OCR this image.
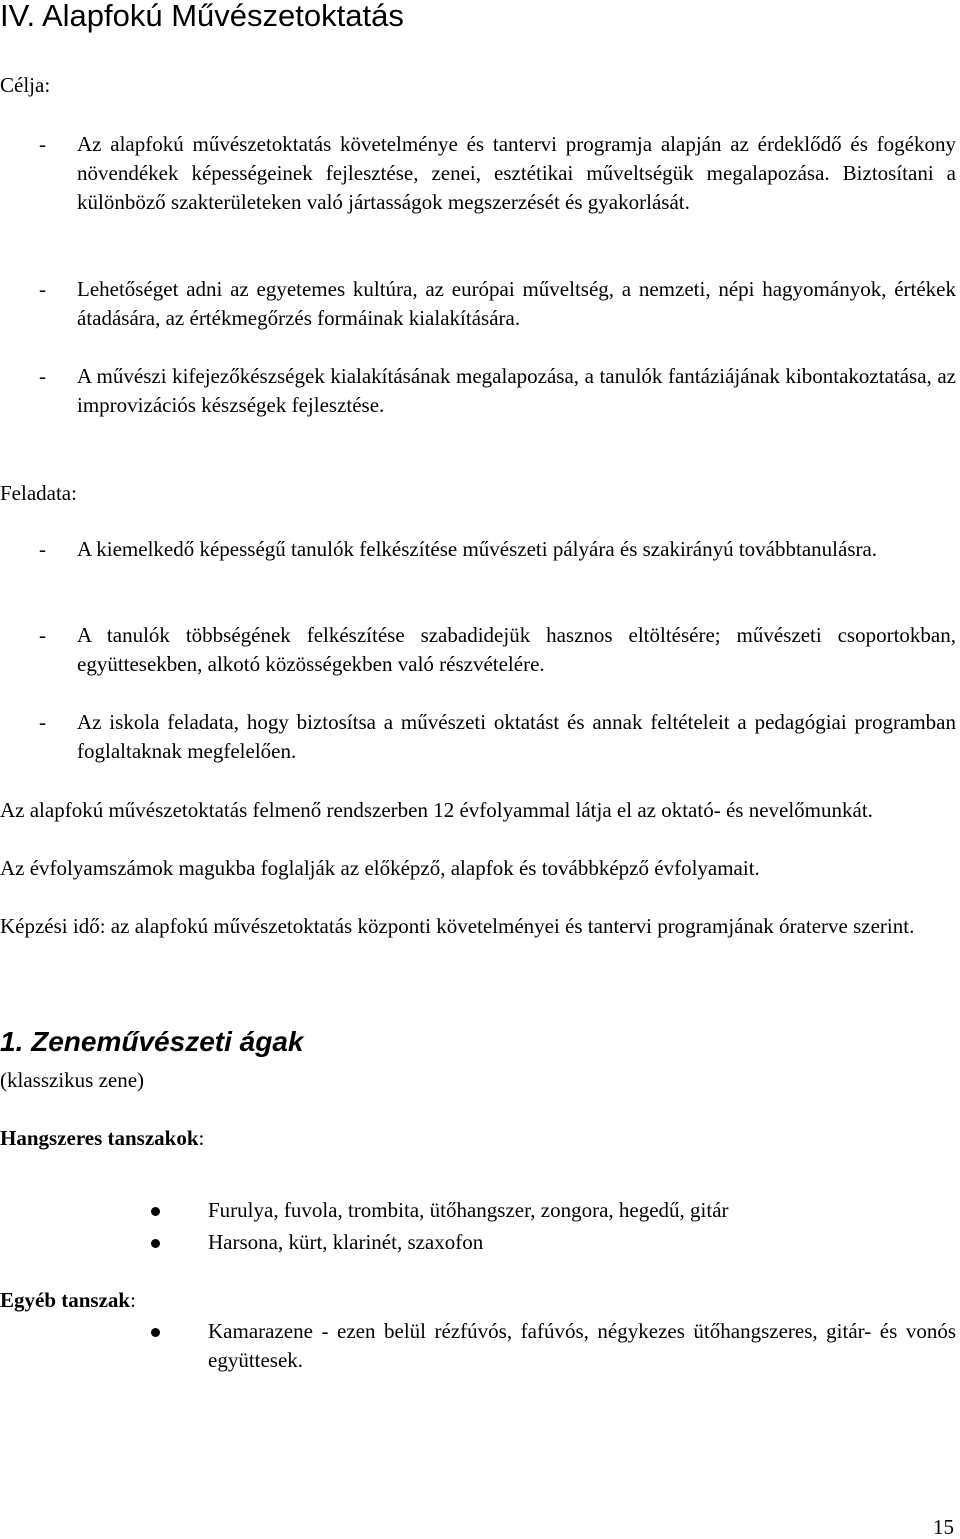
IV. Alapfokú Művészetoktatás
Célja:
- Az alapfokú művészetoktatás követelménye és tantervi programja alapján az érdeklődő és fogékony növendékek képességeinek fejlesztése, zenei, esztétikai műveltségük megalapozása. Biztosítani a különböző szakterületeken való jártasságok megszerzését és gyakorlását.

- Lehetőséget adni az egyetemes kultúra, az európai műveltség, a nemzeti, népi hagyományok, értékek átadására, az értékmegőrzés formáinak kialakítására.

- A művészi kifejezőkészségek kialakításának megalapozása, a tanulók fantáziájának kibontakoztatása, az improvizációs készségek fejlesztése.

Feladata:
- A kiemelkedő képességű tanulók felkészítése művészeti pályára és szakirányú továbbtanulásra.

- A tanulók többségének felkészítése szabadidejük hasznos eltöltésére; művészeti csoportokban, együttesekben, alkotó közösségekben való részvételére.

- Az iskola feladata, hogy biztosítsa a művészeti oktatást és annak feltételeit a pedagógiai programban foglaltaknak megfelelően.

Az alapfokú művészetoktatás felmenő rendszerben 12 évfolyammal látja el az oktató- és nevelőmunkát.

Az évfolyamszámok magukba foglalják az előképző, alapfok és továbbképző évfolyamait.

Képzési idő: az alapfokú művészetoktatás központi követelményei és tantervi programjának óraterve szerint.

1. Zeneművészeti ágak
(klasszikus zene)
Hangszeres tanszakok:

Furulya, fuvola, trombita, ütőhangszer, zongora, hegedű, gitár

Harsona, kürt, klarinét, szaxofon

Egyéb tanszak:

Kamarazene - ezen belül rézfúvós, fafúvós, négykezes ütőhangszeres, gitár- és vonós együttesek.

15
